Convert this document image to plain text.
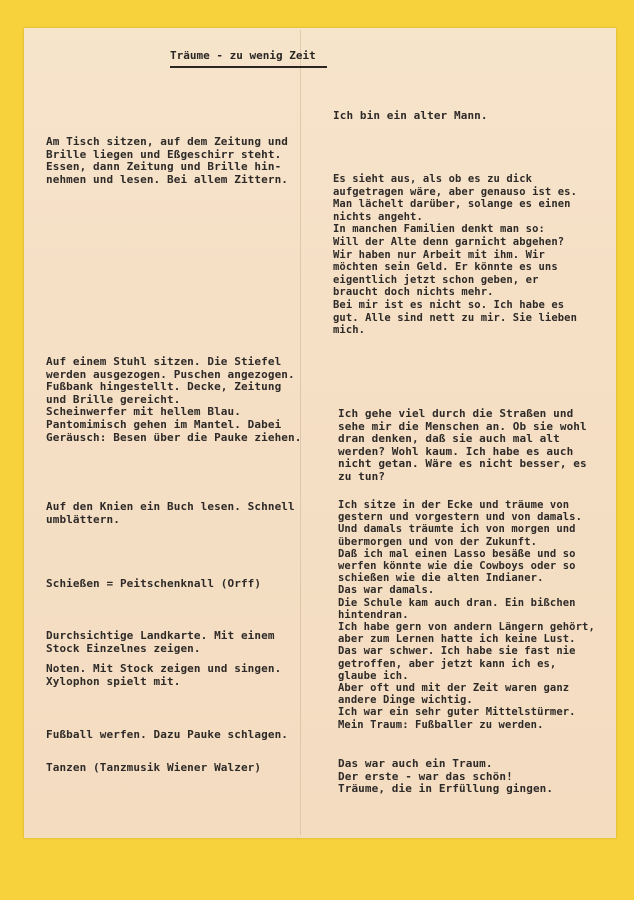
Träume - zu wenig Zeit

Am Tisch sitzen, auf dem Zeitung und
Brille liegen und Eßgeschirr steht.
Essen, dann Zeitung und Brille hin-
nehmen und lesen. Bei allem Zittern.

Auf einem Stuhl sitzen. Die Stiefel
werden ausgezogen. Puschen angezogen.
Fußbank hingestellt. Decke, Zeitung
und Brille gereicht.
Scheinwerfer mit hellem Blau.
Pantomimisch gehen im Mantel. Dabei
Geräusch: Besen über die Pauke ziehen.

Auf den Knien ein Buch lesen. Schnell
umblättern.

Schießen = Peitschenknall (Orff)

Durchsichtige Landkarte. Mit einem
Stock Einzelnes zeigen.

Noten. Mit Stock zeigen und singen.
Xylophon spielt mit.

Fußball werfen. Dazu Pauke schlagen.

Tanzen (Tanzmusik Wiener Walzer)

Ich bin ein alter Mann.

Es sieht aus, als ob es zu dick
aufgetragen wäre, aber genauso ist es.
Man lächelt darüber, solange es einen
nichts angeht.
In manchen Familien denkt man so:
Will der Alte denn garnicht abgehen?
Wir haben nur Arbeit mit ihm. Wir
möchten sein Geld. Er könnte es uns
eigentlich jetzt schon geben, er
braucht doch nichts mehr.
Bei mir ist es nicht so. Ich habe es
gut. Alle sind nett zu mir. Sie lieben
mich.

Ich gehe viel durch die Straßen und
sehe mir die Menschen an. Ob sie wohl
dran denken, daß sie auch mal alt
werden? Wohl kaum. Ich habe es auch
nicht getan. Wäre es nicht besser, es
zu tun?

Ich sitze in der Ecke und träume von
gestern und vorgestern und von damals.
Und damals träumte ich von morgen und
übermorgen und von der Zukunft.
Daß ich mal einen Lasso besäße und so
werfen könnte wie die Cowboys oder so
schießen wie die alten Indianer.
Das war damals.
Die Schule kam auch dran. Ein bißchen
hintendran.
Ich habe gern von andern Längern gehört,
aber zum Lernen hatte ich keine Lust.
Das war schwer. Ich habe sie fast nie
getroffen, aber jetzt kann ich es,
glaube ich.
Aber oft und mit der Zeit waren ganz
andere Dinge wichtig.
Ich war ein sehr guter Mittelstürmer.
Mein Traum: Fußballer zu werden.

Das war auch ein Traum.
Der erste - war das schön!
Träume, die in Erfüllung gingen.
